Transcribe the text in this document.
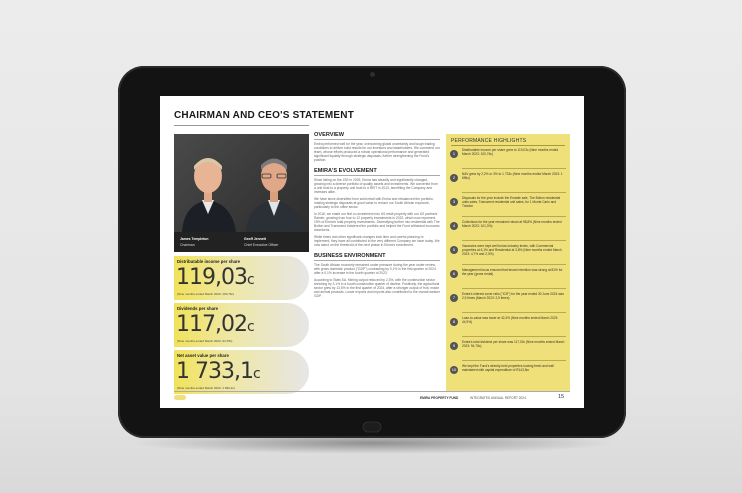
CHAIRMAN AND CEO'S STATEMENT
James Templeton
Chairman
Geoff Jennett
Chief Executive Officer
Distributable income per share
119,03c
(Nine months ended March 2023: 100,76c)
Dividends per share
117,02c
(Nine months ended March 2023: 94,78c)
Net asset value per share
1 733,1c
(Nine months ended March 2023: 1 696,4c)
OVERVIEW
Emira performed well for the year, overcoming global uncertainty and tough trading conditions to deliver solid results for our investors and stakeholders. We commend our team, whose efforts produced a robust operational performance and generated significant liquidity through strategic disposals, further strengthening the Fund's position.
EMIRA'S EVOLVEMENT
Since listing on the JSE in 2003, Emira has steadily and significantly changed, growing into a diverse portfolio of quality assets and investments. We converted from a unit trust to a property unit trust to a REIT in 2013, benefiting the Company and investors alike.
We have since diversified from solid retail with Emira and rebalanced the portfolio, making strategic disposals at good value to reduce our South African exposure, particularly to the office sector.
In 2016, we made our first co-investment into US retail property with our US partners Rainier, growing from four to 12 property investments in 2022, which now represent 19% of Emira's total property investments. Diversifying further into residential with The Bolton and Transcend bolstered the portfolio and helped the Fund withstand economic downturns.
While times and other significant changes took time and careful planning to implement, they have all contributed to the very different Company we have today. We now stand on the threshold of the next phase in Emira's evolvement.
BUSINESS ENVIRONMENT
The South African economy remained under pressure during the year under review, with gross domestic product ("GDP") contracting by 0,1% in the first quarter of 2024 after a 0,1% increase in the fourth quarter of 2023.
According to Stats SA, Mining output reduced by 2,3%, with the construction sector shrinking by 3,1% in a fourth consecutive quarter of decline. Positively, the agricultural sector grew by 13,5% in the first quarter of 2024, after a stronger output of fruit, maize and animal products. Lower exports and imports also contributed to the overall weaker GDP.
PERFORMANCE HIGHLIGHTS
1
Distributable income per share grew to 119,03c (Nine months ended March 2023: 100,76c)
2
NAV grew by 2,2% or 3% to 1 733c (Nine months ended March 2023: 1 696c)
3
Disposals for the year include the Emadle sale, The Bolton residential units sales, Transcend residential unit sales, for 1 Monte Carlo and Tricklon
4
Collections for the year remained robust at 98,8% (Nine months ended March 2023: 101,3%)
5
Vacancies were kept well below industry levels, with Commercial properties at 6,1% and Residential at 3,8% (Nine months ended March 2023: 4,7% and 2,3%)
6
Management focus ensured that tenant retention was strong at 81% for the year (gross rental)
7
Emira's interest cover ratio ("ICR") for the year ended 30 June 2024 was 2,9 times (March 2023: 2,9 times)
8
Loan-to-value was lower at 42,4% (Nine months ended March 2023: 44,9%)
9
Emira's total dividend per share was 117,02c (Nine months ended March 2023: 94,78c)
10
We kept the Fund's directly-held properties looking fresh and well maintained with capital expenditure of R143,5m
EMIRA PROPERTY FUND	INTEGRATED ANNUAL REPORT 2024	15
